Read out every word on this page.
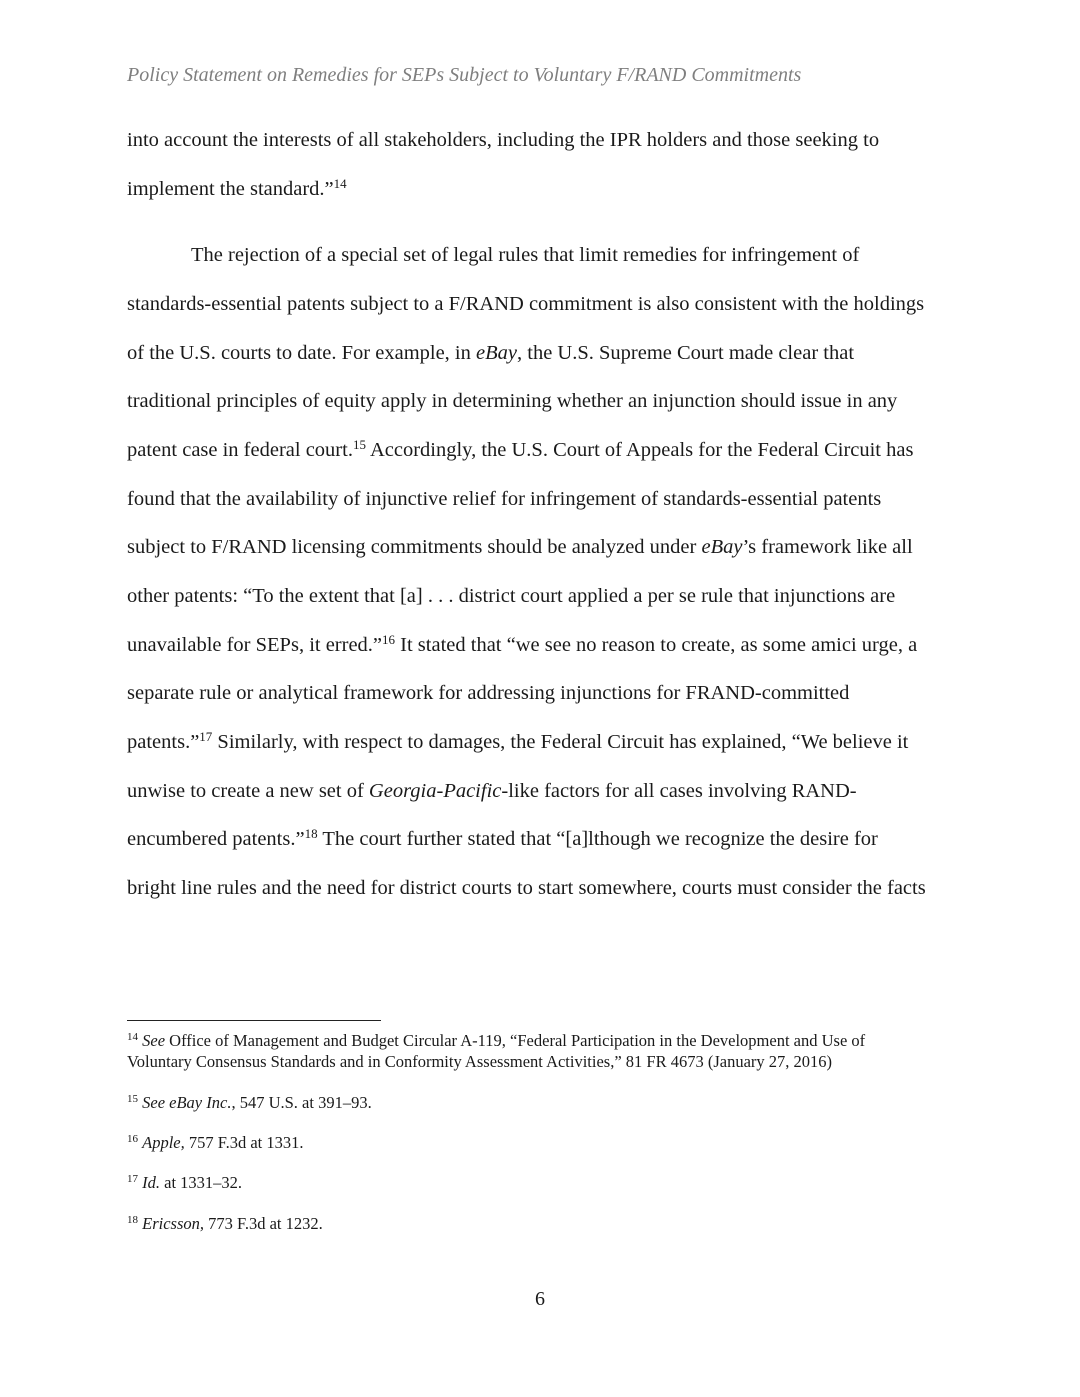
Policy Statement on Remedies for SEPs Subject to Voluntary F/RAND Commitments
into account the interests of all stakeholders, including the IPR holders and those seeking to
implement the standard.”$^{14}$
The rejection of a special set of legal rules that limit remedies for infringement of
standards-essential patents subject to a F/RAND commitment is also consistent with the holdings
of the U.S. courts to date. For example, in eBay, the U.S. Supreme Court made clear that
traditional principles of equity apply in determining whether an injunction should issue in any
patent case in federal court.$^{15}$ Accordingly, the U.S. Court of Appeals for the Federal Circuit has
found that the availability of injunctive relief for infringement of standards-essential patents
subject to F/RAND licensing commitments should be analyzed under eBay’s framework like all
other patents: “To the extent that [a] . . . district court applied a per se rule that injunctions are
unavailable for SEPs, it erred.”$^{16}$ It stated that “we see no reason to create, as some amici urge, a
separate rule or analytical framework for addressing injunctions for FRAND-committed
patents.”$^{17}$ Similarly, with respect to damages, the Federal Circuit has explained, “We believe it
unwise to create a new set of Georgia-Pacific-like factors for all cases involving RAND-
encumbered patents.”$^{18}$ The court further stated that “[a]lthough we recognize the desire for
bright line rules and the need for district courts to start somewhere, courts must consider the facts
$^{14}$ See Office of Management and Budget Circular A-119, “Federal Participation in the Development and Use of
Voluntary Consensus Standards and in Conformity Assessment Activities,” 81 FR 4673 (January 27, 2016)
$^{15}$ See eBay Inc., 547 U.S. at 391–93.
$^{16}$ Apple, 757 F.3d at 1331.
$^{17}$ Id. at 1331–32.
$^{18}$ Ericsson, 773 F.3d at 1232.
6
